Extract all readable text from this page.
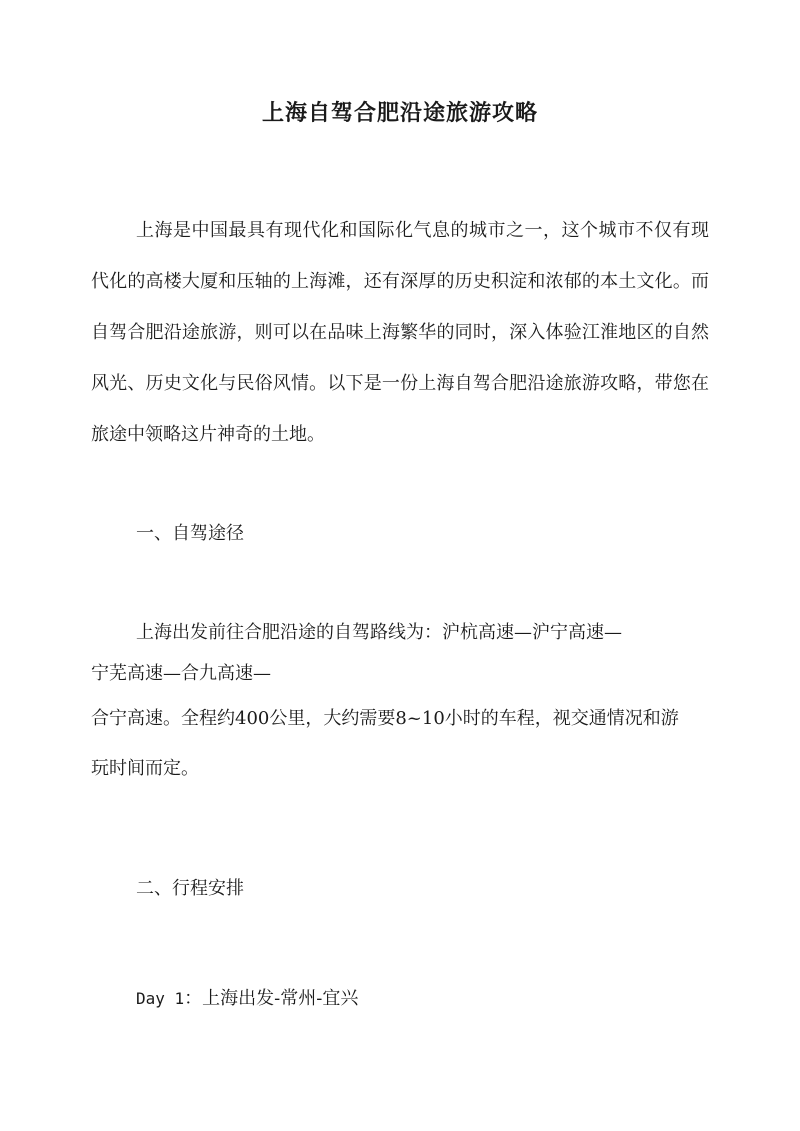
上海自驾合肥沿途旅游攻略

上海是中国最具有现代化和国际化气息的城市之一，这个城市不仅有现代化的高楼大厦和压轴的上海滩，还有深厚的历史积淀和浓郁的本土文化。而自驾合肥沿途旅游，则可以在品味上海繁华的同时，深入体验江淮地区的自然风光、历史文化与民俗风情。以下是一份上海自驾合肥沿途旅游攻略，带您在旅途中领略这片神奇的土地。

一、自驾途径
上海出发前往合肥沿途的自驾路线为：沪杭高速—沪宁高速—
宁芜高速—合九高速—
合宁高速。全程约400公里，大约需要8~10小时的车程，视交通情况和游
玩时间而定。
二、行程安排
Day 1：上海出发-常州-宜兴
